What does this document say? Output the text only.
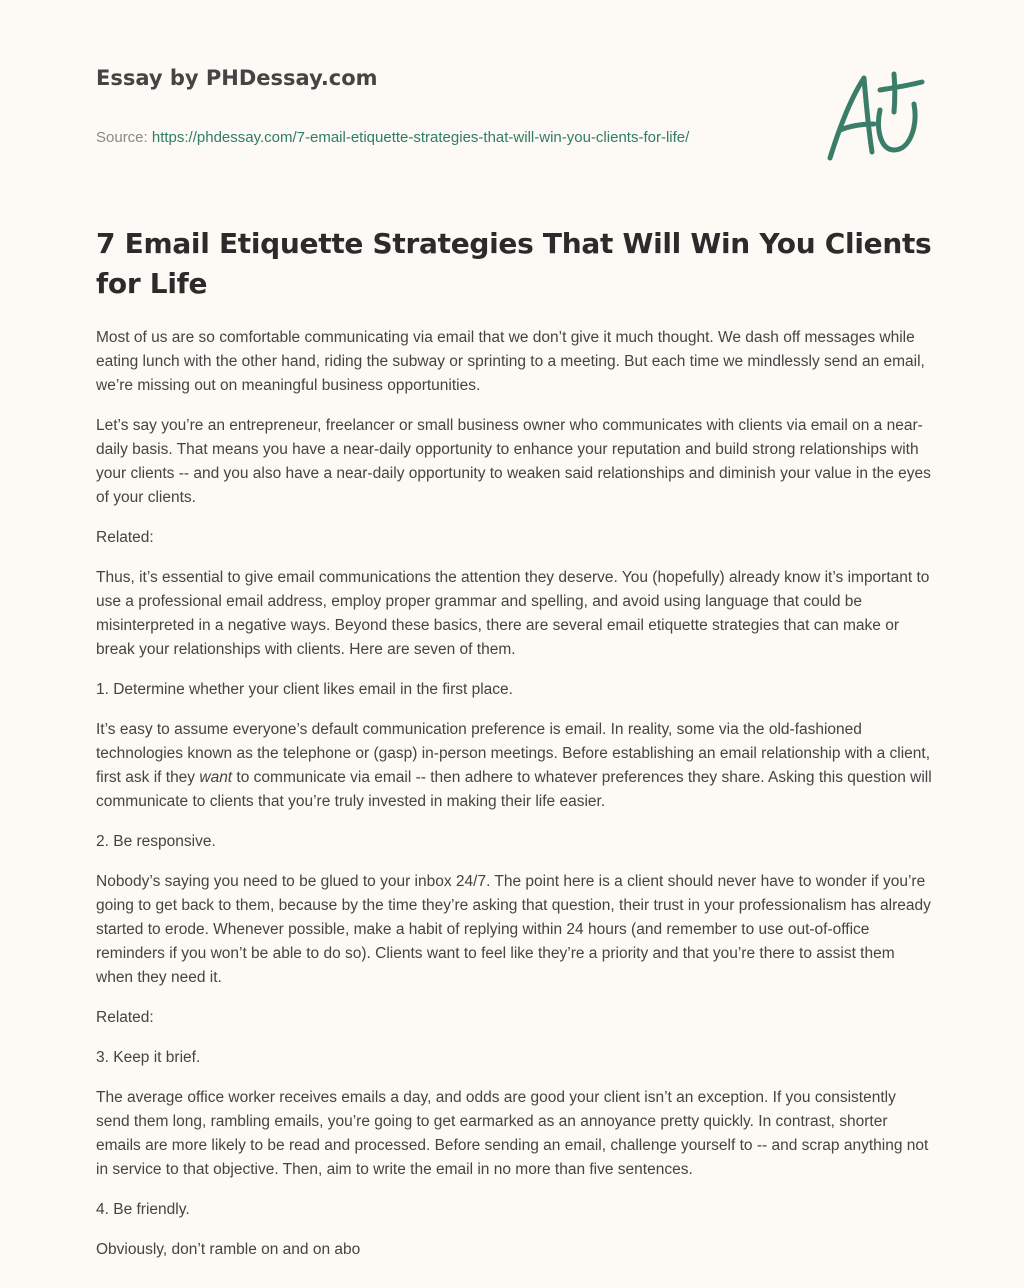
Essay by PHDessay.com
Source: https://phdessay.com/7-email-etiquette-strategies-that-will-win-you-clients-for-life/
7 Email Etiquette Strategies That Will Win You Clients for Life

Most of us are so comfortable communicating via email that we don’t give it much thought. We dash off messages while eating lunch with the other hand, riding the subway or sprinting to a meeting. But each time we mindlessly send an email, we’re missing out on meaningful business opportunities.

Let’s say you’re an entrepreneur, freelancer or small business owner who communicates with clients via email on a near-daily basis. That means you have a near-daily opportunity to enhance your reputation and build strong relationships with your clients -- and you also have a near-daily opportunity to weaken said relationships and diminish your value in the eyes of your clients.

Related:

Thus, it’s essential to give email communications the attention they deserve. You (hopefully) already know it’s important to use a professional email address, employ proper grammar and spelling, and avoid using language that could be misinterpreted in a negative ways. Beyond these basics, there are several email etiquette strategies that can make or break your relationships with clients. Here are seven of them.

1. Determine whether your client likes email in the first place.

It’s easy to assume everyone’s default communication preference is email. In reality, some via the old-fashioned technologies known as the telephone or (gasp) in-person meetings. Before establishing an email relationship with a client, first ask if they want to communicate via email -- then adhere to whatever preferences they share. Asking this question will communicate to clients that you’re truly invested in making their life easier.

2. Be responsive.

Nobody’s saying you need to be glued to your inbox 24/7. The point here is a client should never have to wonder if you’re going to get back to them, because by the time they’re asking that question, their trust in your professionalism has already started to erode. Whenever possible, make a habit of replying within 24 hours (and remember to use out-of-office reminders if you won’t be able to do so). Clients want to feel like they’re a priority and that you’re there to assist them when they need it.

Related:

3. Keep it brief.

The average office worker receives emails a day, and odds are good your client isn’t an exception. If you consistently send them long, rambling emails, you’re going to get earmarked as an annoyance pretty quickly. In contrast, shorter emails are more likely to be read and processed. Before sending an email, challenge yourself to -- and scrap anything not in service to that objective. Then, aim to write the email in no more than five sentences.

4. Be friendly.

Obviously, don’t ramble on and on abo
